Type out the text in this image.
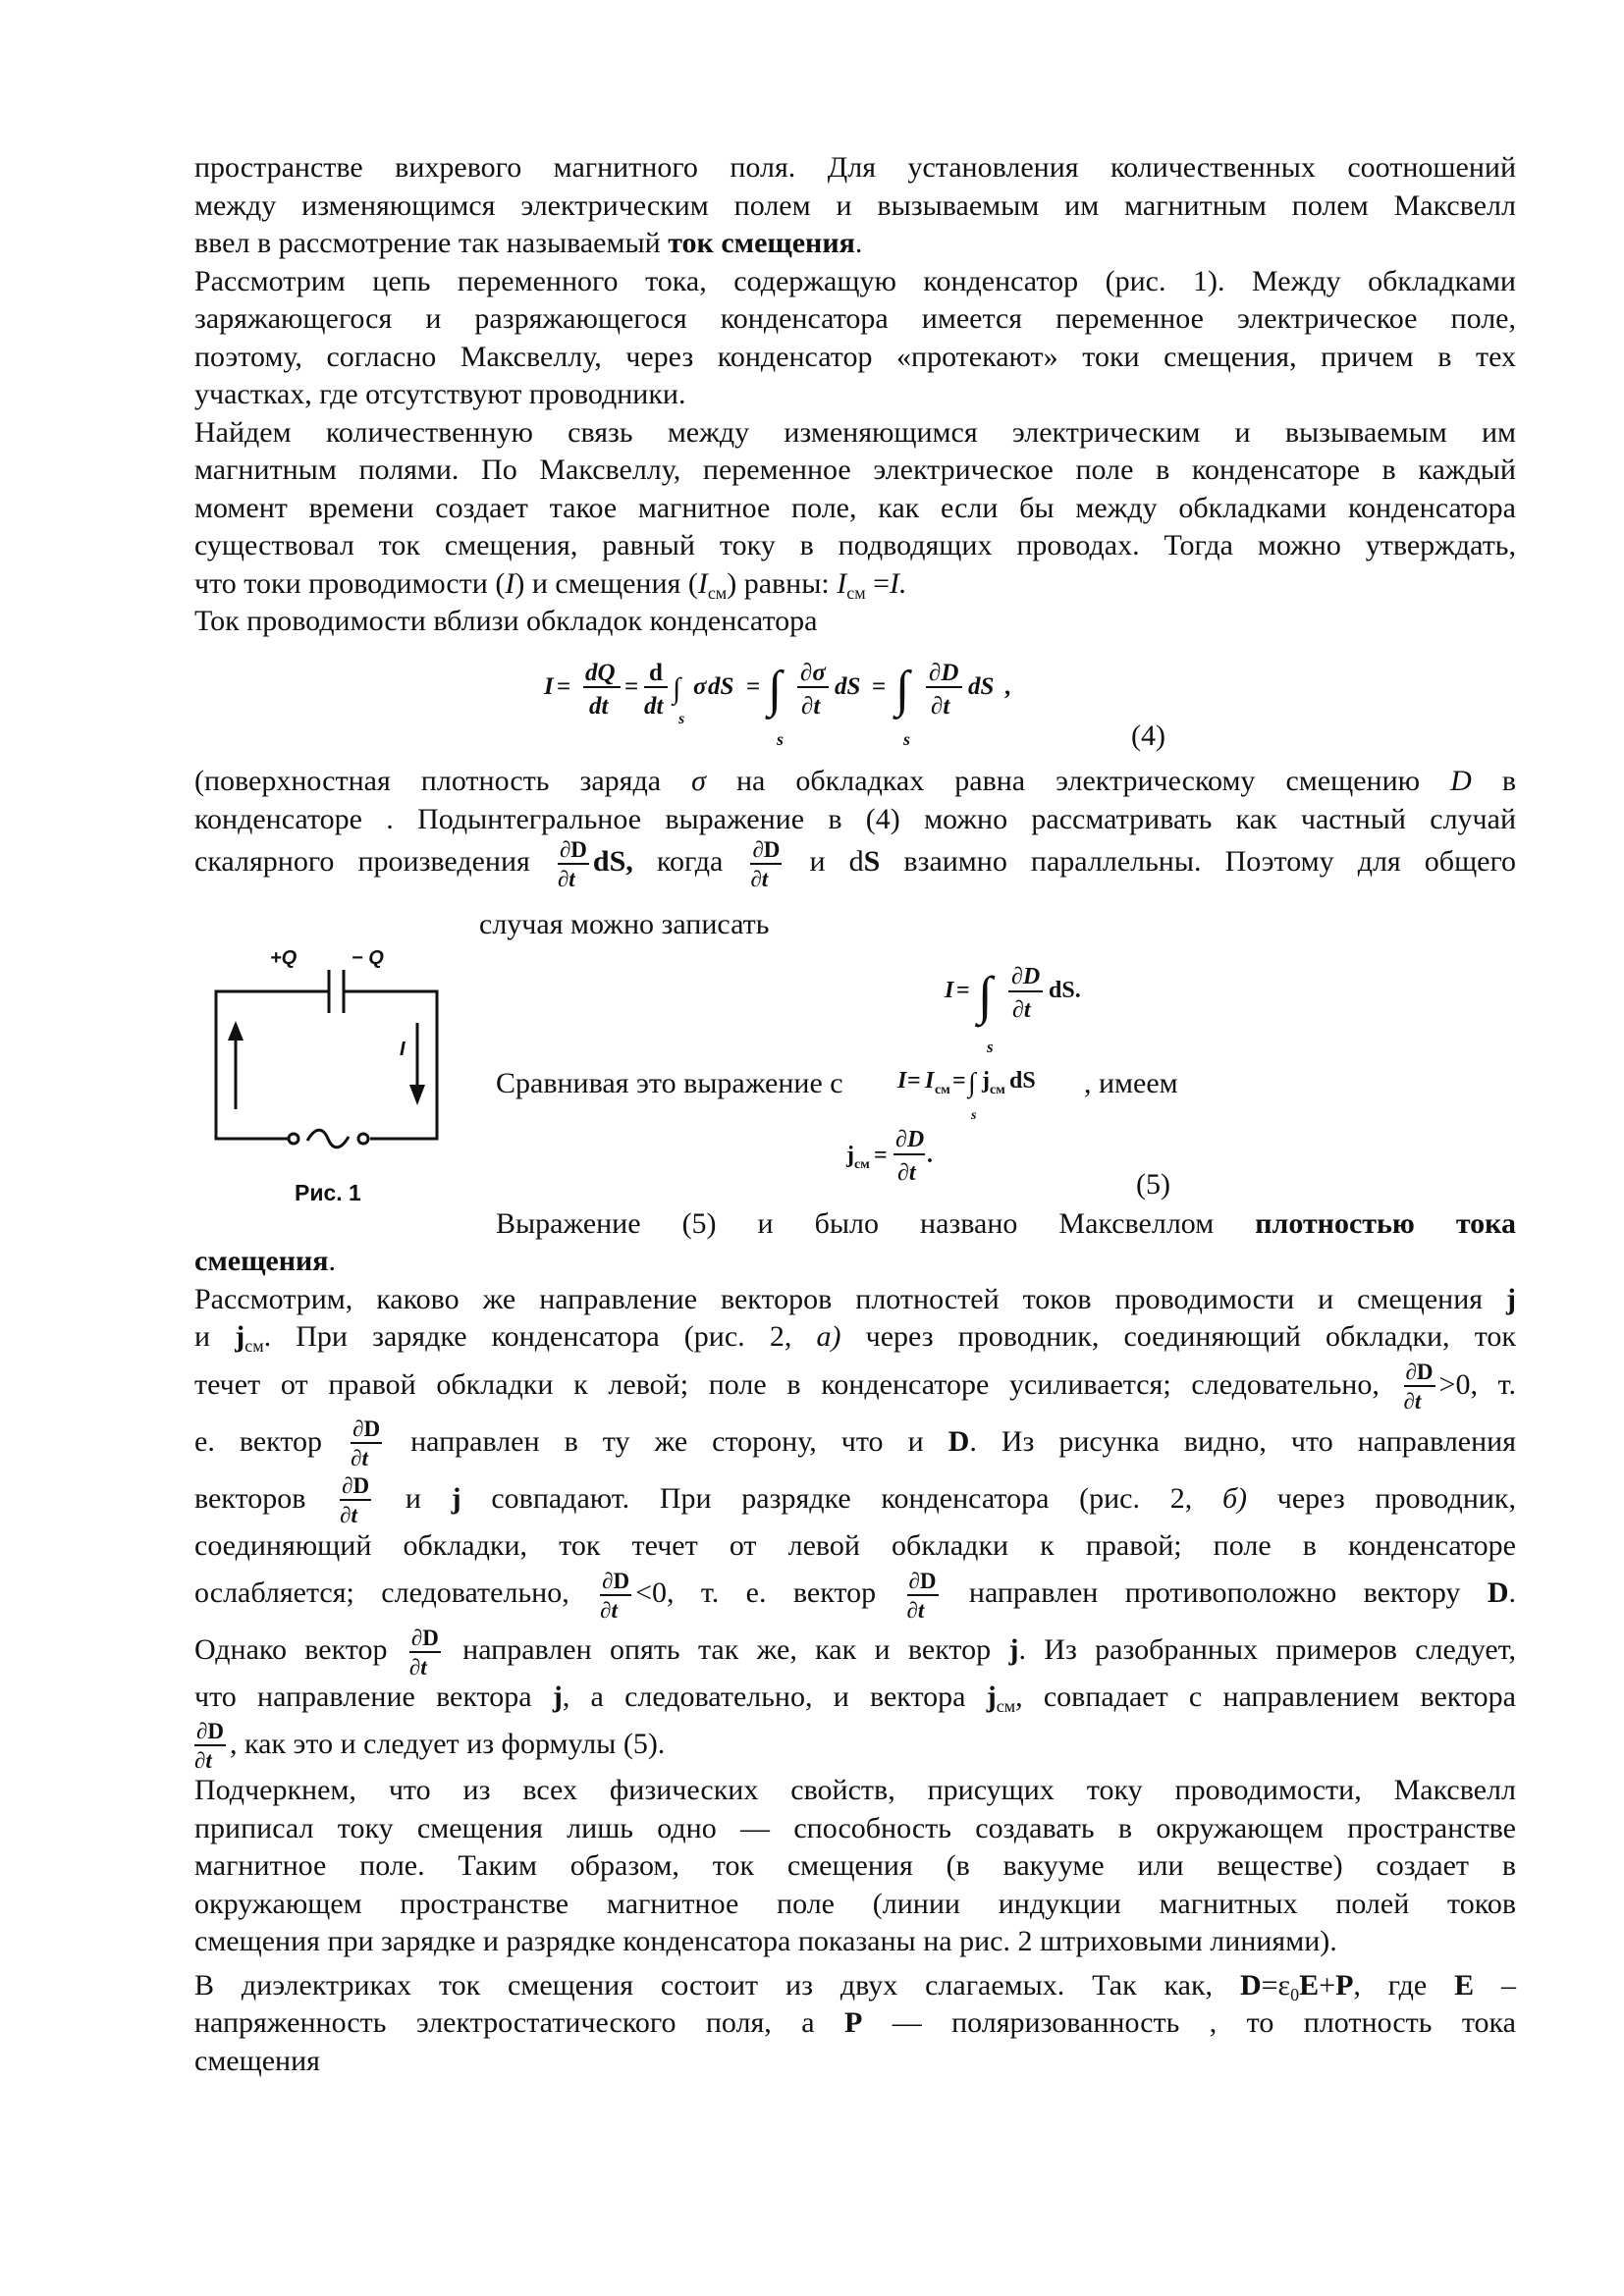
пространстве вихревого магнитного поля. Для установления количественных соотношений

между изменяющимся электрическим полем и вызываемым им магнитным полем Максвелл

ввел в рассмотрение так называемый ток смещения.

Рассмотрим цепь переменного тока, содержащую конденсатор (рис. 1). Между обкладками

заряжающегося и разряжающегося конденсатора имеется переменное электрическое поле,

поэтому, согласно Максвеллу, через конденсатор «протекают» токи смещения, причем в тех

участках, где отсутствуют проводники.

Найдем количественную связь между изменяющимся электрическим и вызываемым им

магнитным полями. По Максвеллу, переменное электрическое поле в конденсаторе в каждый

момент времени создает такое магнитное поле, как если бы между обкладками конденсатора

существовал ток смещения, равный току в подводящих проводах. Тогда можно утверждать,

что токи проводимости (I) и смещения $(I_{см})$ равны: $I_{см} =I$.

Ток проводимости вблизи обкладок конденсатора

I =
dQ
dt
=
d
dt
∫
s
σ dS = ∫
s
∂σ
∂t
dS = ∫
s
∂D
∂t
dS ,
(4)

(поверхностная плотность заряда σ на обкладках равна электрическому смещению D в

конденсаторе . Подынтегральное выражение в (4) можно рассматривать как частный случай

скалярного произведения $\frac{\partial D}{\partial t}$ dS, когда $\frac{\partial D}{\partial t}$ и dS взаимно параллельны. Поэтому для общего

случая можно записать
+Q	− Q
I
Рис. 1
I = ∫
s
∂D
∂t
dS.
Сравнивая это выражение с I = I см = ∫
s
j см dS , имеем
j см =
∂D
∂t
.
(5)
Выражение (5) и было названо Максвеллом плотностью тока

смещения.

Рассмотрим, каково же направление векторов плотностей токов проводимости и смещения j

и $j_{см}$. При зарядке конденсатора (рис. 2, а) через проводник, соединяющий обкладки, ток

течет от правой обкладки к левой; поле в конденсаторе усиливается; следовательно, $\frac{\partial D}{\partial t} >0$, т.

е. вектор $\frac{\partial D}{\partial t}$ направлен в ту же сторону, что и D. Из рисунка видно, что направления

векторов $\frac{\partial D}{\partial t}$ и j совпадают. При разрядке конденсатора (рис. 2, б) через проводник,

соединяющий обкладки, ток течет от левой обкладки к правой; поле в конденсаторе

ослабляется; следовательно, $\frac{\partial D}{\partial t} <0$, т. е. вектор $\frac{\partial D}{\partial t}$ направлен противоположно вектору D.

Однако вектор $\frac{\partial D}{\partial t}$ направлен опять так же, как и вектор j. Из разобранных примеров следует,

что направление вектора j, а следовательно, и вектора $j_{см}$, совпадает с направлением вектора

$\frac{\partial D}{\partial t}$ , как это и следует из формулы (5).

Подчеркнем, что из всех физических свойств, присущих току проводимости, Максвелл

приписал току смещения лишь одно — способность создавать в окружающем пространстве

магнитное поле. Таким образом, ток смещения (в вакууме или веществе) создает в

окружающем пространстве магнитное поле (линии индукции магнитных полей токов

смещения при зарядке и разрядке конденсатора показаны на рис. 2 штриховыми линиями).

В диэлектриках ток смещения состоит из двух слагаемых. Так как, $D=\varepsilon_0E+P$, где E –

напряженность электростатического поля, а P — поляризованность , то плотность тока

смещения
